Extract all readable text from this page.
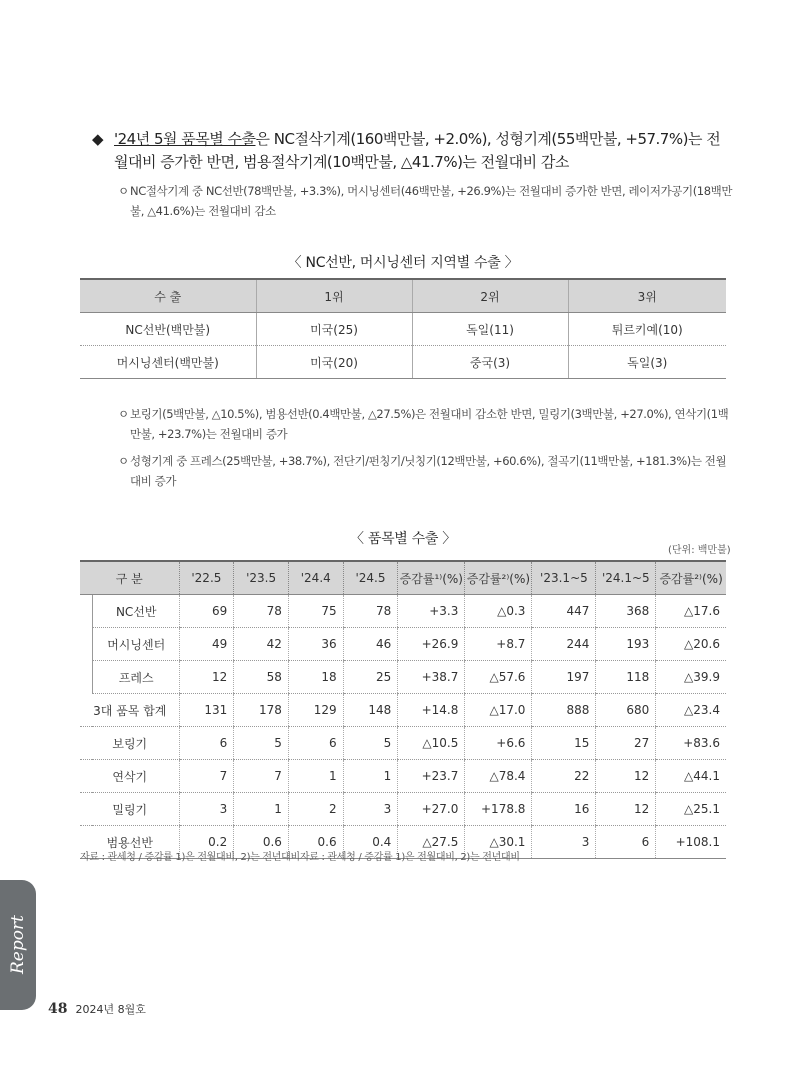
◆ '24년 5월 품목별 수출은 NC절삭기계(160백만불, +2.0%), 성형기계(55백만불, +57.7%)는 전월대비 증가한 반면, 범용절삭기계(10백만불, △41.7%)는 전월대비 감소
ㅇ NC절삭기계 중 NC선반(78백만불, +3.3%), 머시닝센터(46백만불, +26.9%)는 전월대비 증가한 반면, 레이저가공기(18백만불, △41.6%)는 전월대비 감소
〈 NC선반, 머시닝센터 지역별 수출 〉
수 출	1위	2위	3위
NC선반(백만불)	미국(25)	독일(11)	튀르키예(10)
머시닝센터(백만불)	미국(20)	중국(3)	독일(3)
ㅇ 보링기(5백만불, △10.5%), 범용선반(0.4백만불, △27.5%)은 전월대비 감소한 반면, 밀링기(3백만불, +27.0%), 연삭기(1백만불, +23.7%)는 전월대비 증가
ㅇ 성형기계 중 프레스(25백만불, +38.7%), 전단기/펀칭기/닛칭기(12백만불, +60.6%), 절곡기(11백만불, +181.3%)는 전월대비 증가
〈 품목별 수출 〉
(단위: 백만불)
구 분		'22.5	'23.5	'24.4	'24.5	증감률¹⁾(%)	증감률²⁾(%)	'23.1~5	'24.1~5	증감률²⁾(%)
	NC선반	69	78	75	78	+3.3	△0.3	447	368	△17.6
	머시닝센터	49	42	36	46	+26.9	+8.7	244	193	△20.6
	프레스	12	58	18	25	+38.7	△57.6	197	118	△39.9
3대 품목 합계		131	178	129	148	+14.8	△17.0	888	680	△23.4
보링기		6	5	6	5	△10.5	+6.6	15	27	+83.6
연삭기		7	7	1	1	+23.7	△78.4	22	12	△44.1
밀링기		3	1	2	3	+27.0	+178.8	16	12	△25.1
범용선반		0.2	0.6	0.6	0.4	△27.5	△30.1	3	6	+108.1
자료 : 관세청 / 증감률 1)은 전월대비, 2)는 전년대비자료 : 관세청 / 증감률 1)은 전월대비, 2)는 전년대비
Report
48 2024년 8월호
